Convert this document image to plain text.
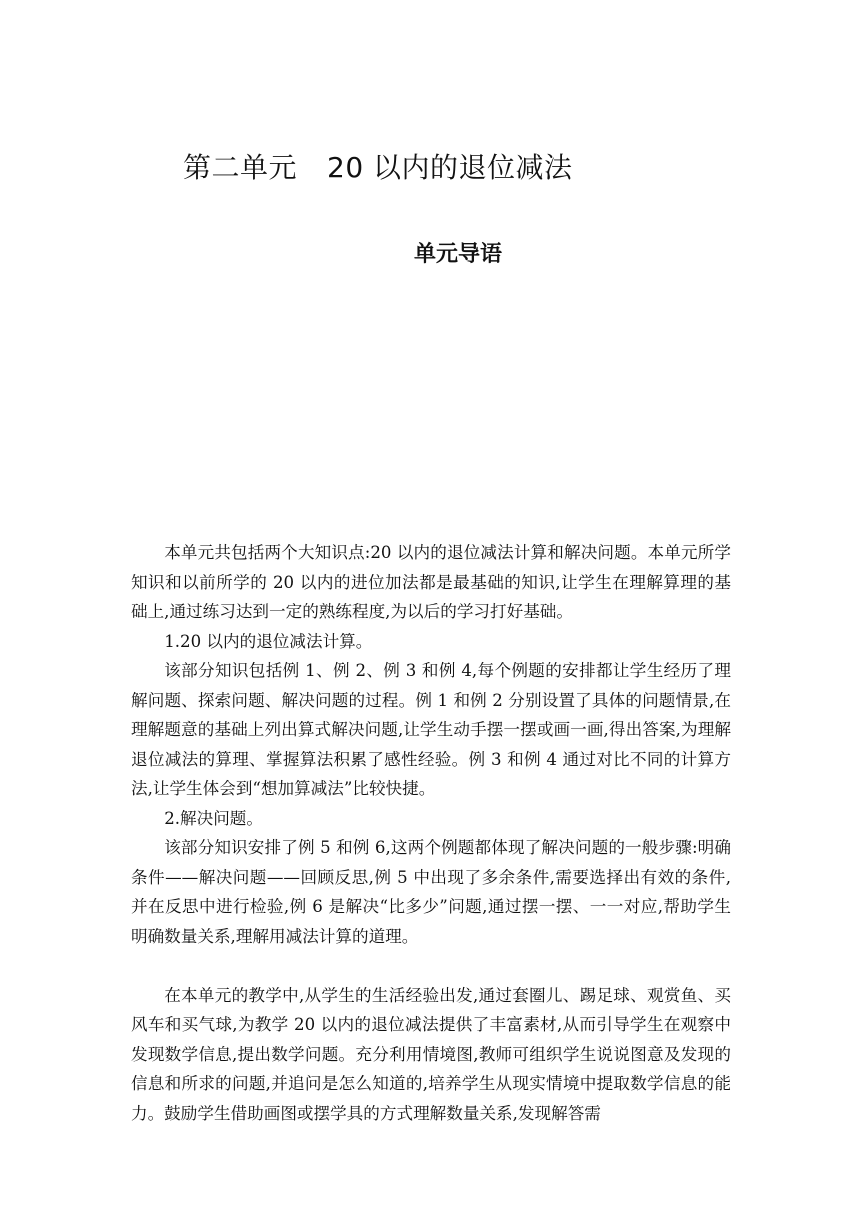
第二单元 20 以内的退位减法
单元导语

本单元共包括两个大知识点:20 以内的退位减法计算和解决问题。本单元所学知识和以前所学的 20 以内的进位加法都是最基础的知识,让学生在理解算理的基础上,通过练习达到一定的熟练程度,为以后的学习打好基础。

1.20 以内的退位减法计算。

该部分知识包括例 1、例 2、例 3 和例 4,每个例题的安排都让学生经历了理解问题、探索问题、解决问题的过程。例 1 和例 2 分别设置了具体的问题情景,在理解题意的基础上列出算式解决问题,让学生动手摆一摆或画一画,得出答案,为理解退位减法的算理、掌握算法积累了感性经验。例 3 和例 4 通过对比不同的计算方法,让学生体会到“想加算减法”比较快捷。

2.解决问题。

该部分知识安排了例 5 和例 6,这两个例题都体现了解决问题的一般步骤:明确条件——解决问题——回顾反思,例 5 中出现了多余条件,需要选择出有效的条件,并在反思中进行检验,例 6 是解决“比多少”问题,通过摆一摆、一一对应,帮助学生明确数量关系,理解用减法计算的道理。

在本单元的教学中,从学生的生活经验出发,通过套圈儿、踢足球、观赏鱼、买风车和买气球,为教学 20 以内的退位减法提供了丰富素材,从而引导学生在观察中发现数学信息,提出数学问题。充分利用情境图,教师可组织学生说说图意及发现的信息和所求的问题,并追问是怎么知道的,培养学生从现实情境中提取数学信息的能力。鼓励学生借助画图或摆学具的方式理解数量关系,发现解答需
